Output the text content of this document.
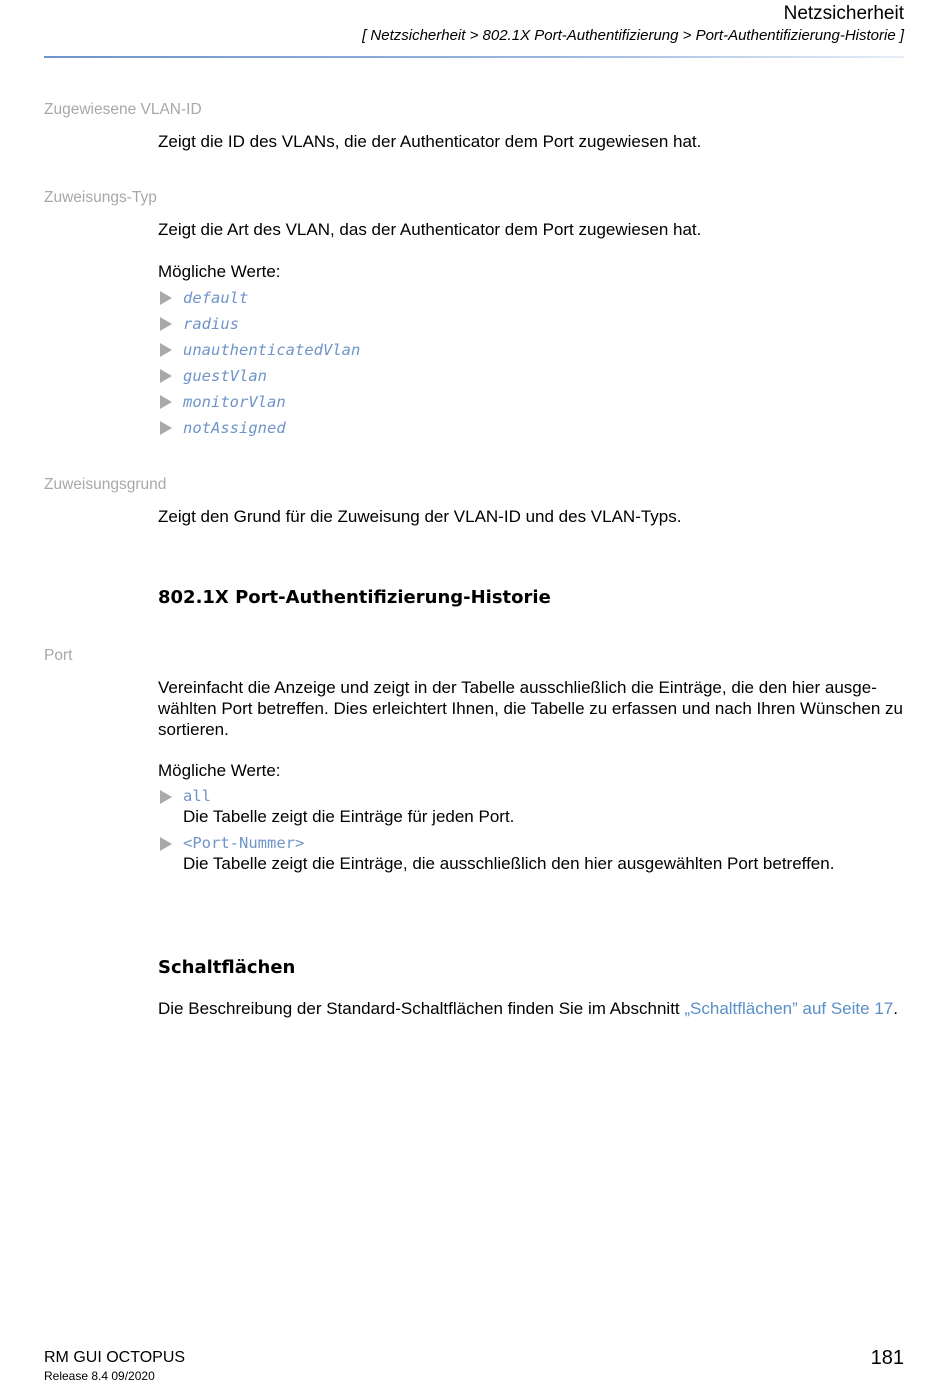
Netzsicherheit
[ Netzsicherheit > 802.1X Port-Authentifizierung > Port-Authentifizierung-Historie ]
Zugewiesene VLAN-ID
Zeigt die ID des VLANs, die der Authenticator dem Port zugewiesen hat.
Zuweisungs-Typ
Zeigt die Art des VLAN, das der Authenticator dem Port zugewiesen hat.
Mögliche Werte:
default
radius
unauthenticatedVlan
guestVlan
monitorVlan
notAssigned
Zuweisungsgrund
Zeigt den Grund für die Zuweisung der VLAN-ID und des VLAN-Typs.
802.1X Port-Authentifizierung-Historie
Port
Vereinfacht die Anzeige und zeigt in der Tabelle ausschließlich die Einträge, die den hier ausge-wählten Port betreffen. Dies erleichtert Ihnen, die Tabelle zu erfassen und nach Ihren Wünschen zu sortieren.
Mögliche Werte:
all
Die Tabelle zeigt die Einträge für jeden Port.
<Port-Nummer>
Die Tabelle zeigt die Einträge, die ausschließlich den hier ausgewählten Port betreffen.
Schaltflächen
Die Beschreibung der Standard-Schaltflächen finden Sie im Abschnitt „Schaltflächen” auf Seite 17.
RM GUI OCTOPUS
Release 8.4 09/2020
181
